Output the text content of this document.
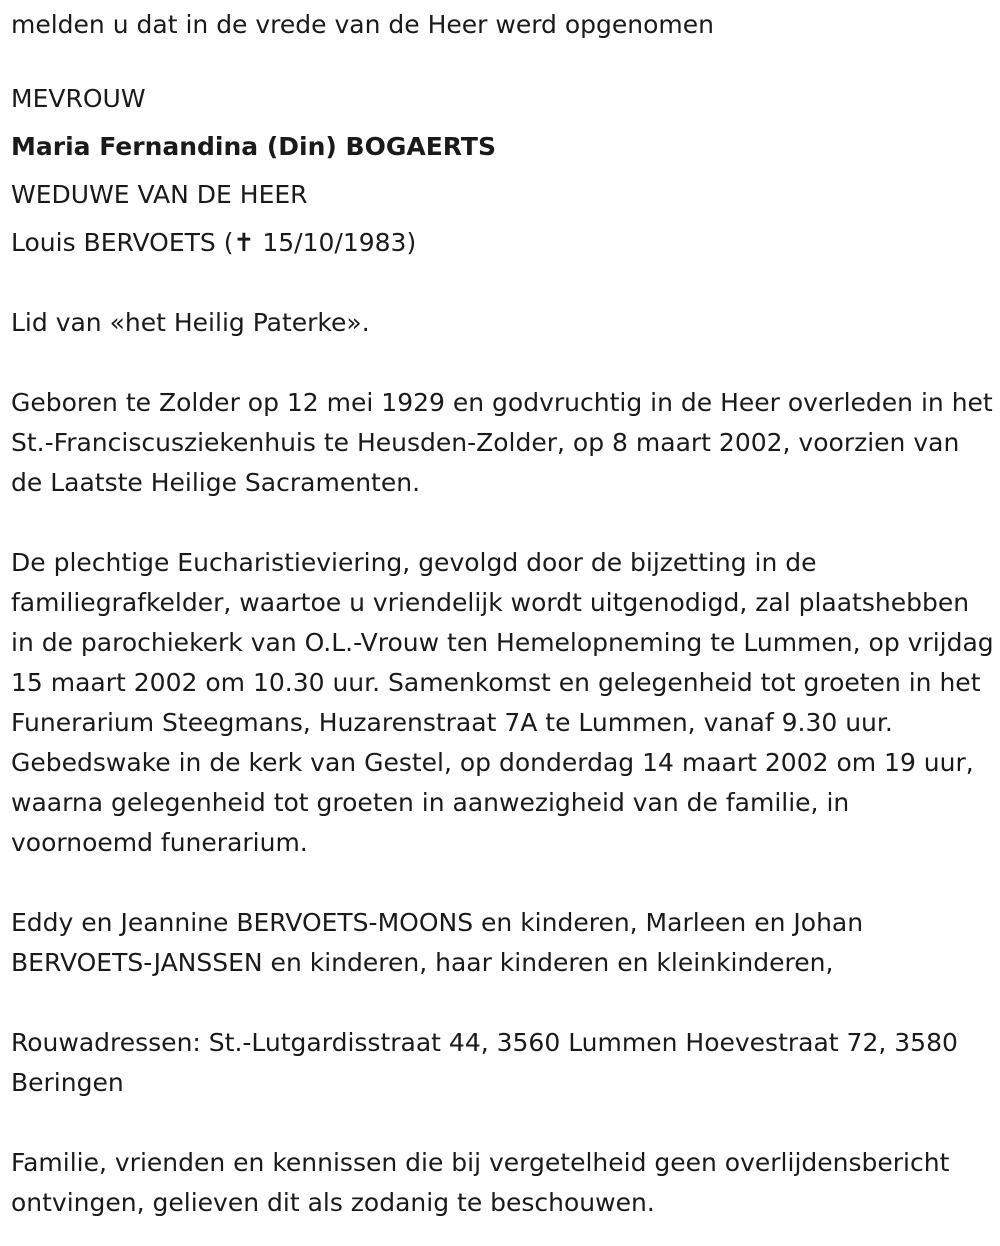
melden u dat in de vrede van de Heer werd opgenomen

MEVROUW

Maria Fernandina (Din) BOGAERTS

WEDUWE VAN DE HEER

Louis BERVOETS (✝ 15/10/1983)

Lid van «het Heilig Paterke».

Geboren te Zolder op 12 mei 1929 en godvruchtig in de Heer overleden in het St.-Franciscusziekenhuis te Heusden-Zolder, op 8 maart 2002, voorzien van de Laatste Heilige Sacramenten.

De plechtige Eucharistieviering, gevolgd door de bijzetting in de familiegrafkelder, waartoe u vriendelijk wordt uitgenodigd, zal plaatshebben in de parochiekerk van O.L.-Vrouw ten Hemelopneming te Lummen, op vrijdag 15 maart 2002 om 10.30 uur. Samenkomst en gelegenheid tot groeten in het Funerarium Steegmans, Huzarenstraat 7A te Lummen, vanaf 9.30 uur. Gebedswake in de kerk van Gestel, op donderdag 14 maart 2002 om 19 uur, waarna gelegenheid tot groeten in aanwezigheid van de familie, in voornoemd funerarium.

Eddy en Jeannine BERVOETS-MOONS en kinderen, Marleen en Johan BERVOETS-JANSSEN en kinderen, haar kinderen en kleinkinderen,

Rouwadressen: St.-Lutgardisstraat 44, 3560 Lummen Hoevestraat 72, 3580 Beringen

Familie, vrienden en kennissen die bij vergetelheid geen overlijdensbericht ontvingen, gelieven dit als zodanig te beschouwen.
